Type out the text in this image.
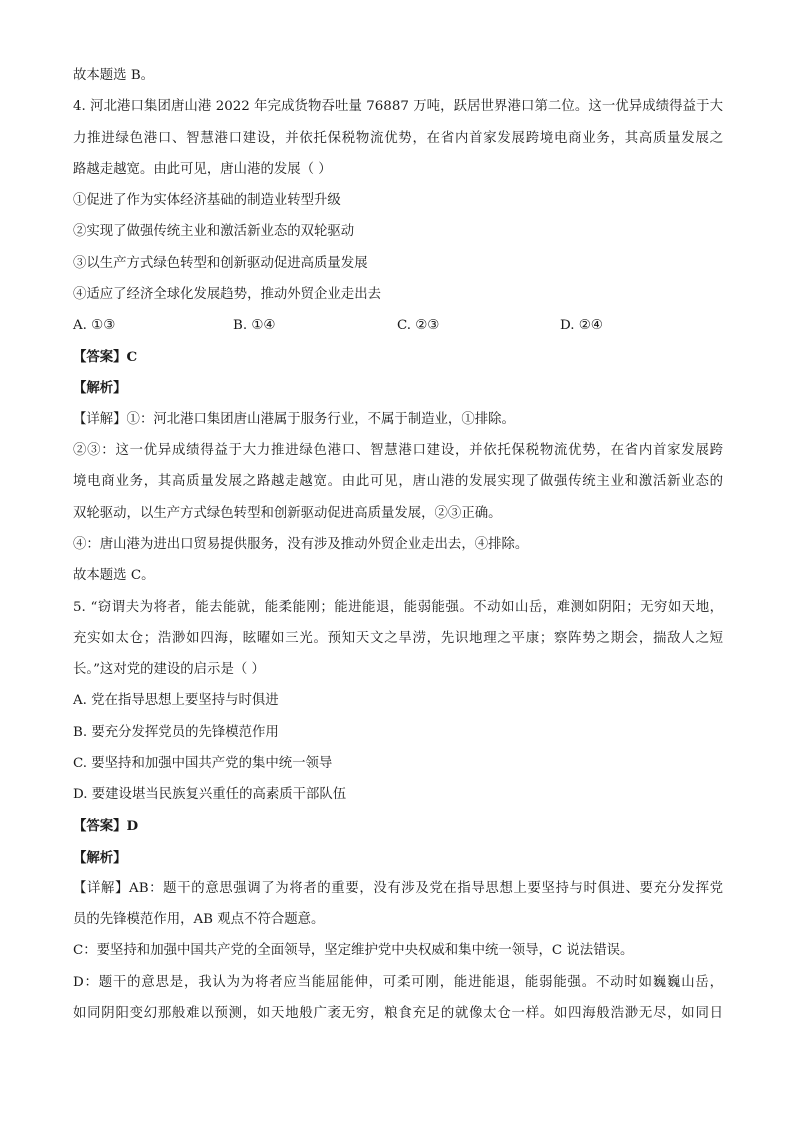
故本题选 B。
4. 河北港口集团唐山港 2022 年完成货物吞吐量 76887 万吨，跃居世界港口第二位。这一优异成绩得益于大
力推进绿色港口、智慧港口建设，并依托保税物流优势，在省内首家发展跨境电商业务，其高质量发展之
路越走越宽。由此可见，唐山港的发展（ ）
①促进了作为实体经济基础的制造业转型升级
②实现了做强传统主业和激活新业态的双轮驱动
③以生产方式绿色转型和创新驱动促进高质量发展
④适应了经济全球化发展趋势，推动外贸企业走出去
A. ①③	B. ①④	C. ②③	D. ②④
【答案】C
【解析】
【详解】①：河北港口集团唐山港属于服务行业，不属于制造业，①排除。
②③：这一优异成绩得益于大力推进绿色港口、智慧港口建设，并依托保税物流优势，在省内首家发展跨
境电商业务，其高质量发展之路越走越宽。由此可见，唐山港的发展实现了做强传统主业和激活新业态的
双轮驱动，以生产方式绿色转型和创新驱动促进高质量发展，②③正确。
④：唐山港为进出口贸易提供服务，没有涉及推动外贸企业走出去，④排除。
故本题选 C。
5. “窃谓夫为将者，能去能就，能柔能刚；能进能退，能弱能强。不动如山岳，难测如阴阳；无穷如天地，
充实如太仓；浩渺如四海，眩曜如三光。预知天文之旱涝，先识地理之平康；察阵势之期会，揣敌人之短
长。”这对党的建设的启示是（ ）
A. 党在指导思想上要坚持与时俱进
B. 要充分发挥党员的先锋模范作用
C. 要坚持和加强中国共产党的集中统一领导
D. 要建设堪当民族复兴重任的高素质干部队伍
【答案】D
【解析】
【详解】AB：题干的意思强调了为将者的重要，没有涉及党在指导思想上要坚持与时俱进、要充分发挥党
员的先锋模范作用，AB 观点不符合题意。
C：要坚持和加强中国共产党的全面领导，坚定维护党中央权威和集中统一领导，C 说法错误。
D：题干的意思是，我认为为将者应当能屈能伸，可柔可刚，能进能退，能弱能强。不动时如巍巍山岳，
如同阴阳变幻那般难以预测，如天地般广袤无穷，粮食充足的就像太仓一样。如四海般浩渺无尽，如同日
